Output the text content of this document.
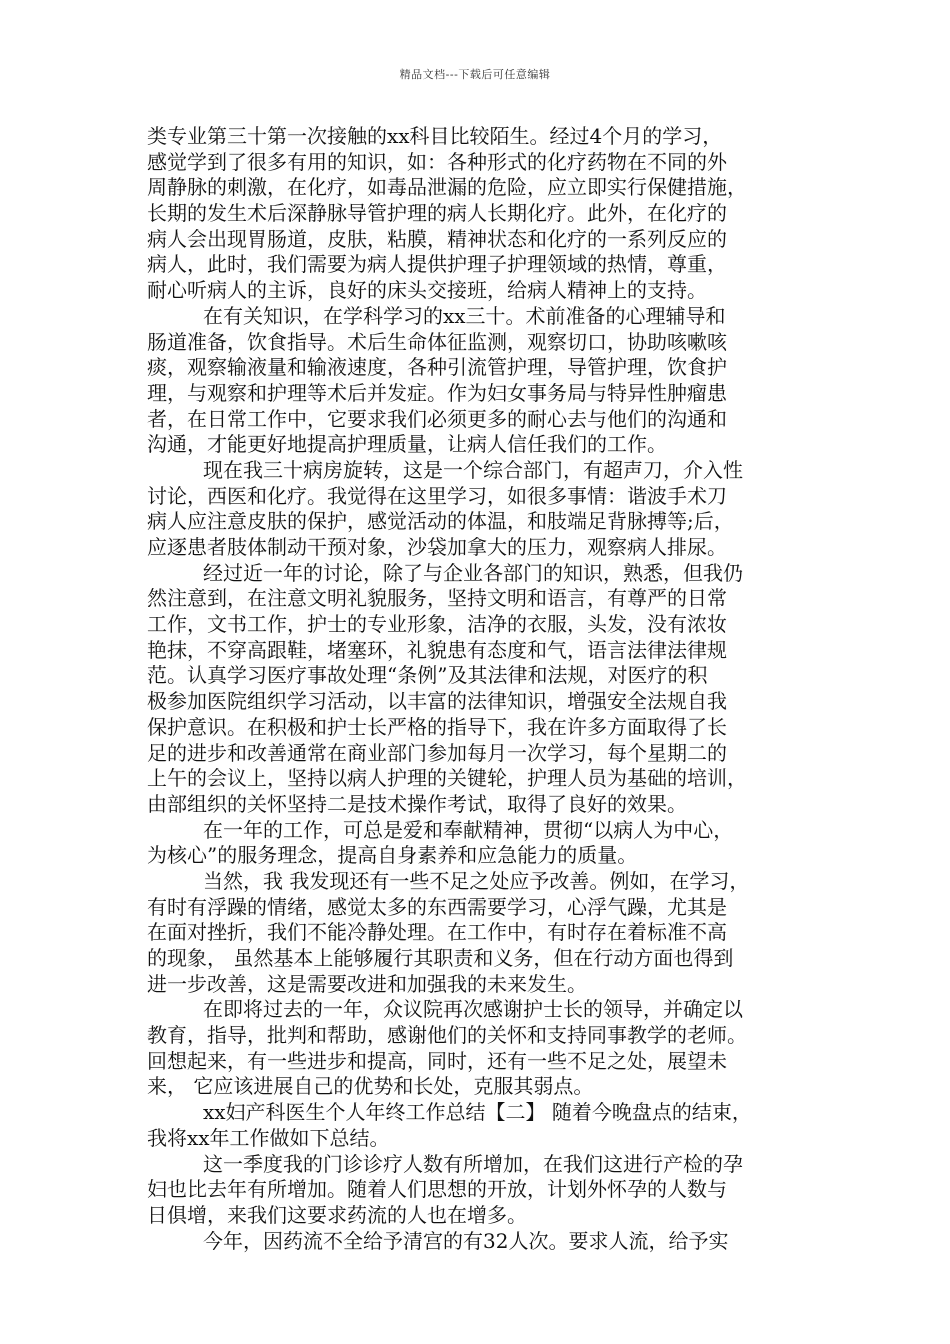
精品文档---下载后可任意编辑
类专业第三十第一次接触的xx科目比较陌生。经过4个月的学习，
感觉学到了很多有用的知识，如：各种形式的化疗药物在不同的外
周静脉的刺激，在化疗，如毒品泄漏的危险，应立即实行保健措施，
长期的发生术后深静脉导管护理的病人长期化疗。此外，在化疗的
病人会出现胃肠道，皮肤，粘膜，精神状态和化疗的一系列反应的
病人，此时，我们需要为病人提供护理子护理领域的热情，尊重，
耐心听病人的主诉，良好的床头交接班，给病人精神上的支持。
在有关知识，在学科学习的xx三十。术前准备的心理辅导和
肠道准备，饮食指导。术后生命体征监测，观察切口，协助咳嗽咳
痰，观察输液量和输液速度，各种引流管护理，导管护理，饮食护
理，与观察和护理等术后并发症。作为妇女事务局与特异性肿瘤患
者，在日常工作中，它要求我们必须更多的耐心去与他们的沟通和
沟通，才能更好地提高护理质量，让病人信任我们的工作。
现在我三十病房旋转，这是一个综合部门，有超声刀，介入性
讨论，西医和化疗。我觉得在这里学习，如很多事情：谐波手术刀
病人应注意皮肤的保护，感觉活动的体温，和肢端足背脉搏等;后，
应逐患者肢体制动干预对象，沙袋加拿大的压力，观察病人排尿。
经过近一年的讨论，除了与企业各部门的知识，熟悉，但我仍
然注意到，在注意文明礼貌服务，坚持文明和语言，有尊严的日常
工作，文书工作，护士的专业形象，洁净的衣服，头发，没有浓妆
艳抹，不穿高跟鞋，堵塞环，礼貌患有态度和气，语言法律法律规
范。认真学习医疗事故处理“条例”及其法律和法规，对医疗的积
极参加医院组织学习活动，以丰富的法律知识，增强安全法规自我
保护意识。在积极和护士长严格的指导下，我在许多方面取得了长
足的进步和改善通常在商业部门参加每月一次学习，每个星期二的
上午的会议上，坚持以病人护理的关键轮，护理人员为基础的培训，
由部组织的关怀坚持二是技术操作考试，取得了良好的效果。
在一年的工作，可总是爱和奉献精神，贯彻“以病人为中心，
为核心”的服务理念，提高自身素养和应急能力的质量。
当然，我 我发现还有一些不足之处应予改善。例如，在学习，
有时有浮躁的情绪，感觉太多的东西需要学习，心浮气躁，尤其是
在面对挫折，我们不能冷静处理。在工作中，有时存在着标准不高
的现象， 虽然基本上能够履行其职责和义务，但在行动方面也得到
进一步改善，这是需要改进和加强我的未来发生。
在即将过去的一年，众议院再次感谢护士长的领导，并确定以
教育，指导，批判和帮助，感谢他们的关怀和支持同事教学的老师。
回想起来，有一些进步和提高，同时，还有一些不足之处，展望未
来， 它应该进展自己的优势和长处，克服其弱点。
xx妇产科医生个人年终工作总结【二】 随着今晚盘点的结束，
我将xx年工作做如下总结。
这一季度我的门诊诊疗人数有所增加，在我们这进行产检的孕
妇也比去年有所增加。随着人们思想的开放，计划外怀孕的人数与
日俱增，来我们这要求药流的人也在增多。
今年，因药流不全给予清宫的有32人次。要求人流，给予实
